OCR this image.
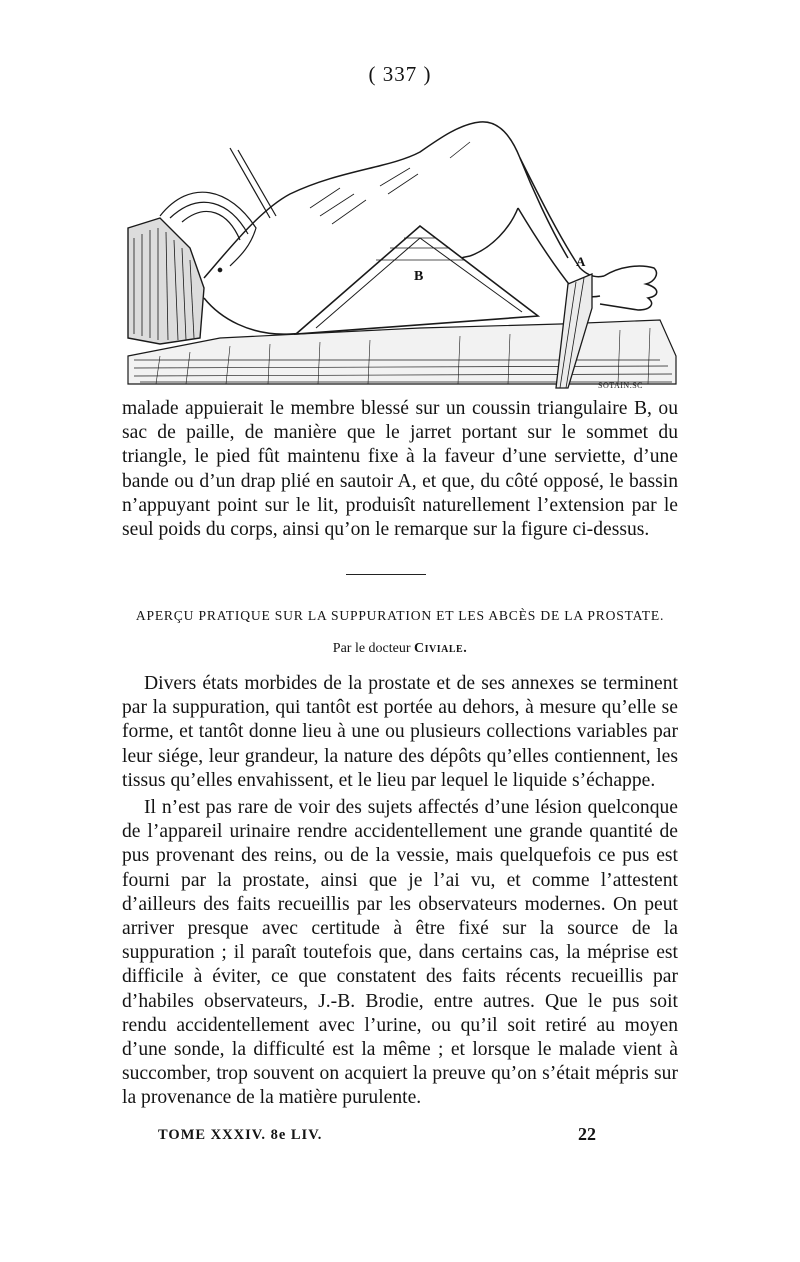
( 337 )
B
A
SOTAIN.SC

malade appuierait le membre blessé sur un coussin triangulaire B, ou sac de paille, de manière que le jarret portant sur le sommet du triangle, le pied fût maintenu fixe à la faveur d’une serviette, d’une bande ou d’un drap plié en sautoir A, et que, du côté opposé, le bassin n’appuyant point sur le lit, produisît naturellement l’extension par le seul poids du corps, ainsi qu’on le remarque sur la figure ci-dessus.

APERÇU PRATIQUE SUR LA SUPPURATION ET LES ABCÈS DE LA PROSTATE.
Par le docteur Civiale.

Divers états morbides de la prostate et de ses annexes se terminent par la suppuration, qui tantôt est portée au dehors, à mesure qu’elle se forme, et tantôt donne lieu à une ou plusieurs collections variables par leur siége, leur grandeur, la nature des dépôts qu’elles contiennent, les tissus qu’elles envahissent, et le lieu par lequel le liquide s’échappe.

Il n’est pas rare de voir des sujets affectés d’une lésion quelconque de l’appareil urinaire rendre accidentellement une grande quantité de pus provenant des reins, ou de la vessie, mais quelquefois ce pus est fourni par la prostate, ainsi que je l’ai vu, et comme l’attestent d’ailleurs des faits recueillis par les observateurs modernes. On peut arriver presque avec certitude à être fixé sur la source de la suppuration ; il paraît toutefois que, dans certains cas, la méprise est difficile à éviter, ce que constatent des faits récents recueillis par d’habiles observateurs, J.-B. Brodie, entre autres. Que le pus soit rendu accidentellement avec l’urine, ou qu’il soit retiré au moyen d’une sonde, la difficulté est la même ; et lorsque le malade vient à succomber, trop souvent on acquiert la preuve qu’on s’était mépris sur la provenance de la matière purulente.

TOME XXXIV. 8e LIV.	22
